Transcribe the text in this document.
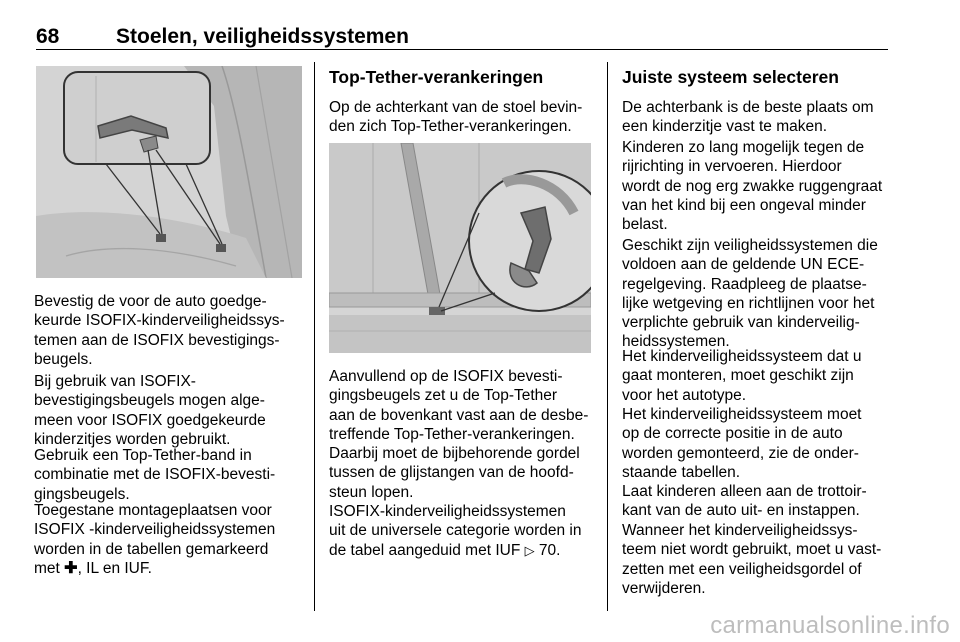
68	Stoelen, veiligheidssystemen

Bevestig de voor de auto goedge-
keurde ISOFIX-kinderveiligheidssys-
temen aan de ISOFIX bevestigings-
beugels.

Bij gebruik van ISOFIX-
bevestigingsbeugels mogen alge-
meen voor ISOFIX goedgekeurde
kinderzitjes worden gebruikt.

Gebruik een Top-Tether-band in
combinatie met de ISOFIX-bevesti-
gingsbeugels.

Toegestane montageplaatsen voor
ISOFIX -kinderveiligheidssystemen
worden in de tabellen gemarkeerd
met ✚, IL en IUF.
Top-Tether-verankeringen

Op de achterkant van de stoel bevin-
den zich Top-Tether-verankeringen.

Aanvullend op de ISOFIX bevesti-
gingsbeugels zet u de Top-Tether
aan de bovenkant vast aan de desbe-
treffende Top-Tether-verankeringen.
Daarbij moet de bijbehorende gordel
tussen de glijstangen van de hoofd-
steun lopen.

ISOFIX-kinderveiligheidssystemen
uit de universele categorie worden in
de tabel aangeduid met IUF ▷ 70.
Juiste systeem selecteren

De achterbank is de beste plaats om
een kinderzitje vast te maken.

Kinderen zo lang mogelijk tegen de
rijrichting in vervoeren. Hierdoor
wordt de nog erg zwakke ruggengraat
van het kind bij een ongeval minder
belast.

Geschikt zijn veiligheidssystemen die
voldoen aan de geldende UN ECE-
regelgeving. Raadpleeg de plaatse-
lijke wetgeving en richtlijnen voor het
verplichte gebruik van kinderveilig-
heidssystemen.

Het kinderveiligheidssysteem dat u
gaat monteren, moet geschikt zijn
voor het autotype.

Het kinderveiligheidssysteem moet
op de correcte positie in de auto
worden gemonteerd, zie de onder-
staande tabellen.

Laat kinderen alleen aan de trottoir-
kant van de auto uit- en instappen.

Wanneer het kinderveiligheidssys-
teem niet wordt gebruikt, moet u vast-
zetten met een veiligheidsgordel of
verwijderen.

carmanualsonline.info
